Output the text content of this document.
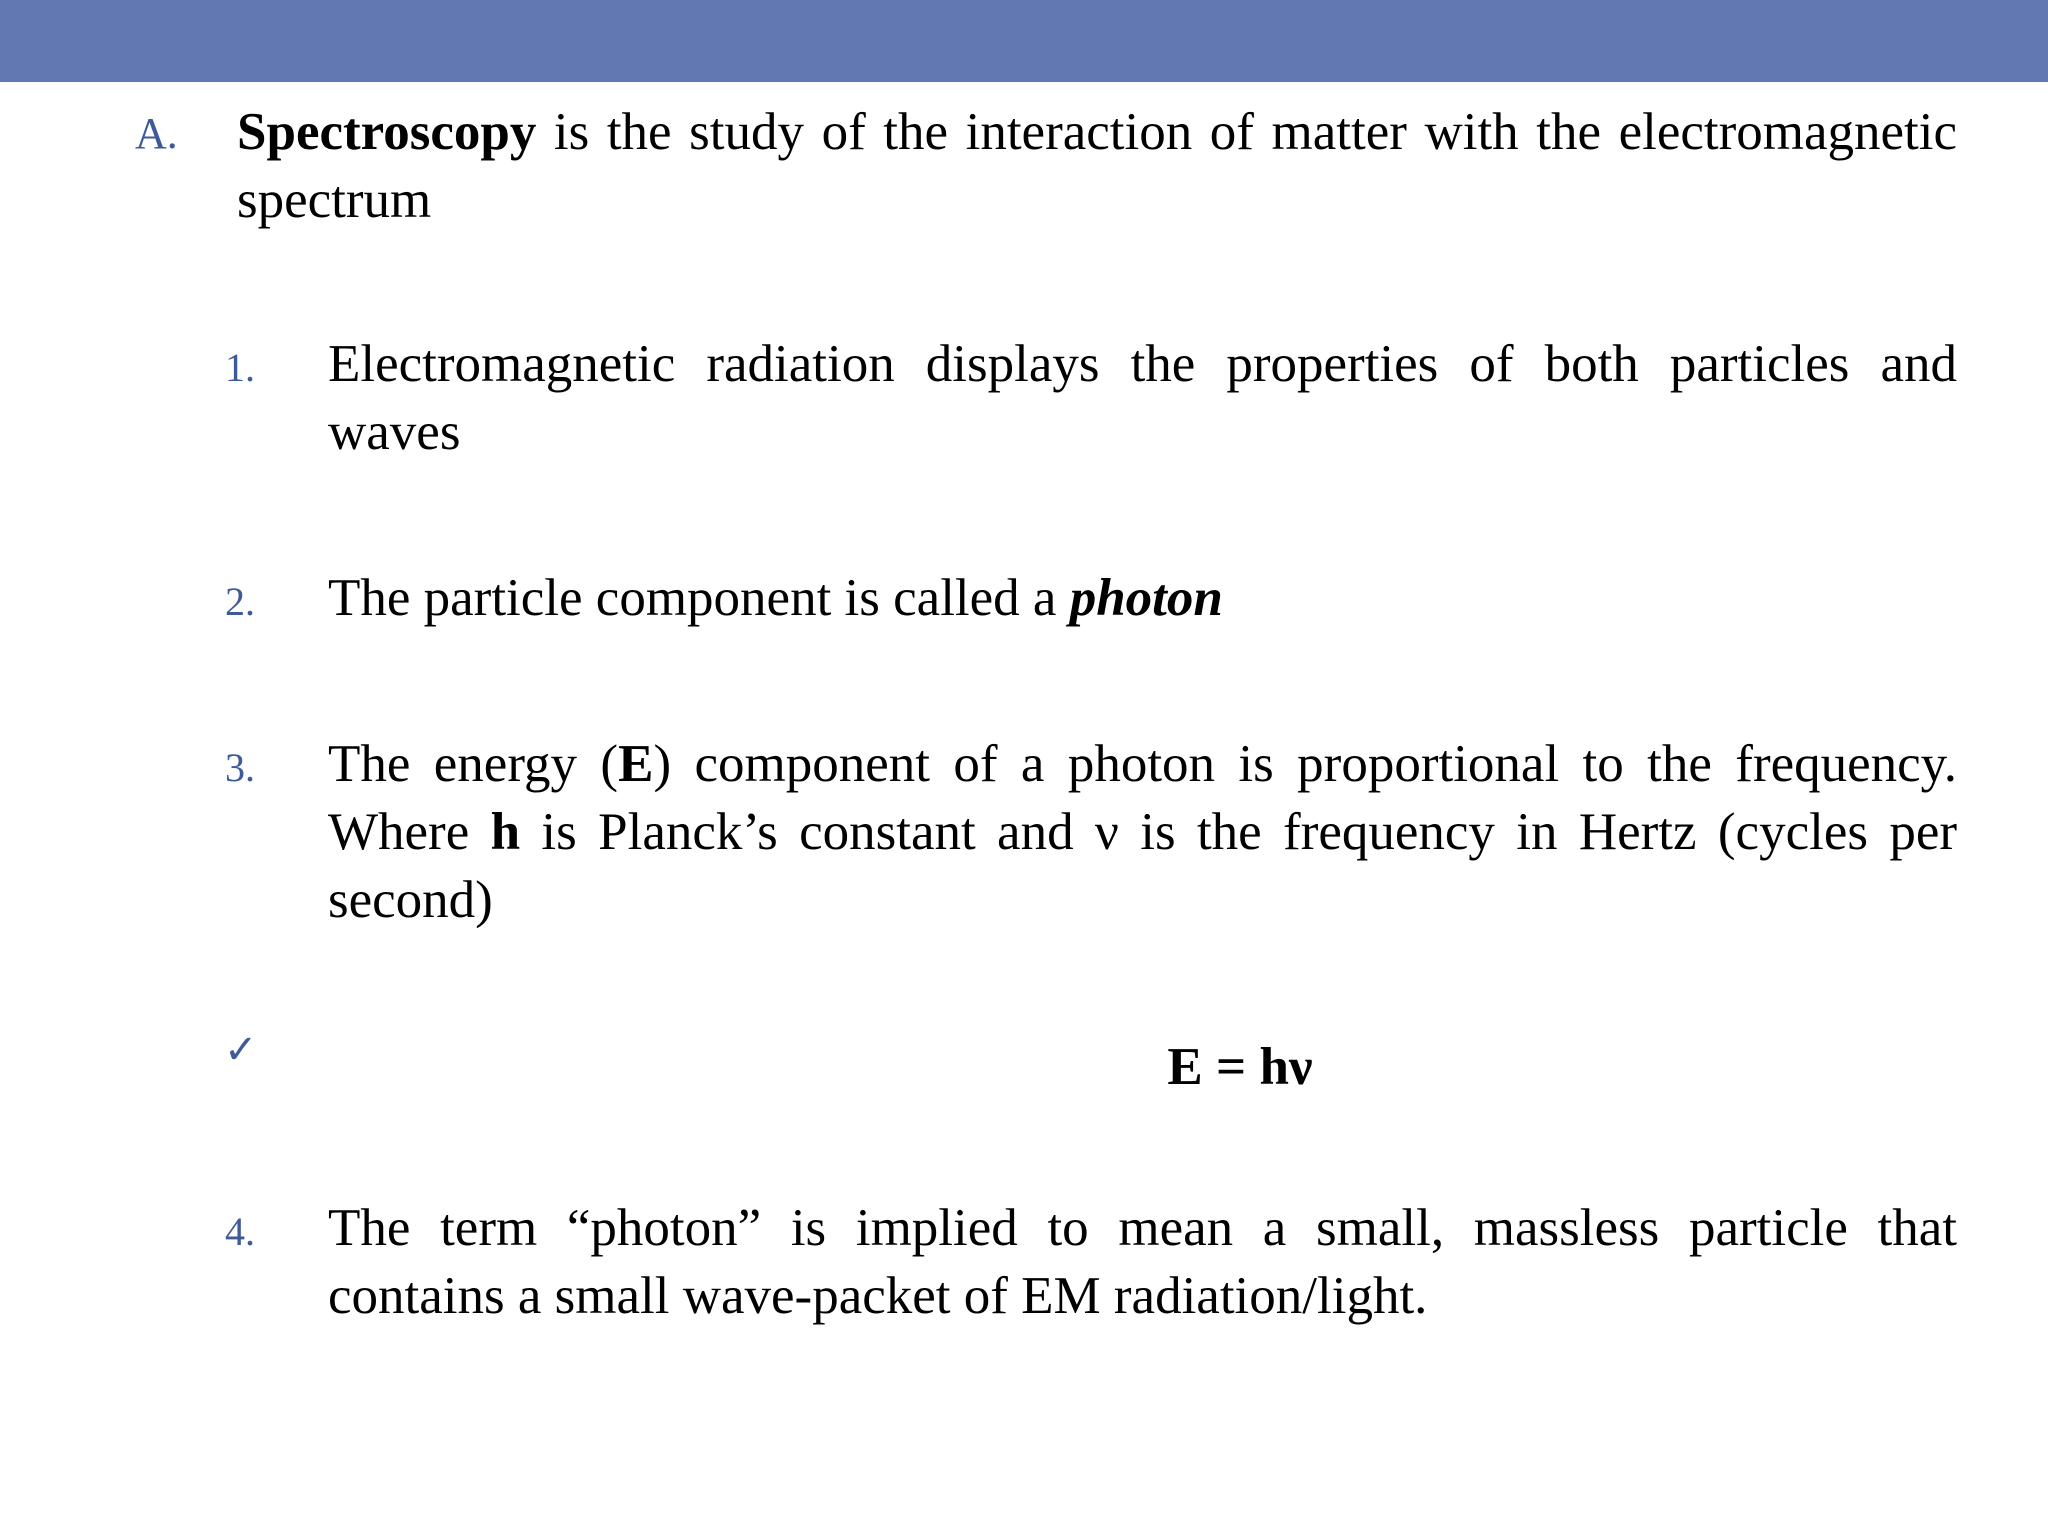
A. Spectroscopy is the study of the interaction of matter with the electromagnetic spectrum
1. Electromagnetic radiation displays the properties of both particles and waves
2. The particle component is called a photon
3. The energy (E) component of a photon is proportional to the frequency. Where h is Planck’s constant and ν is the frequency in Hertz (cycles per second)
✓	E = hν
4. The term “photon” is implied to mean a small, massless particle that contains a small wave-packet of EM radiation/light.
